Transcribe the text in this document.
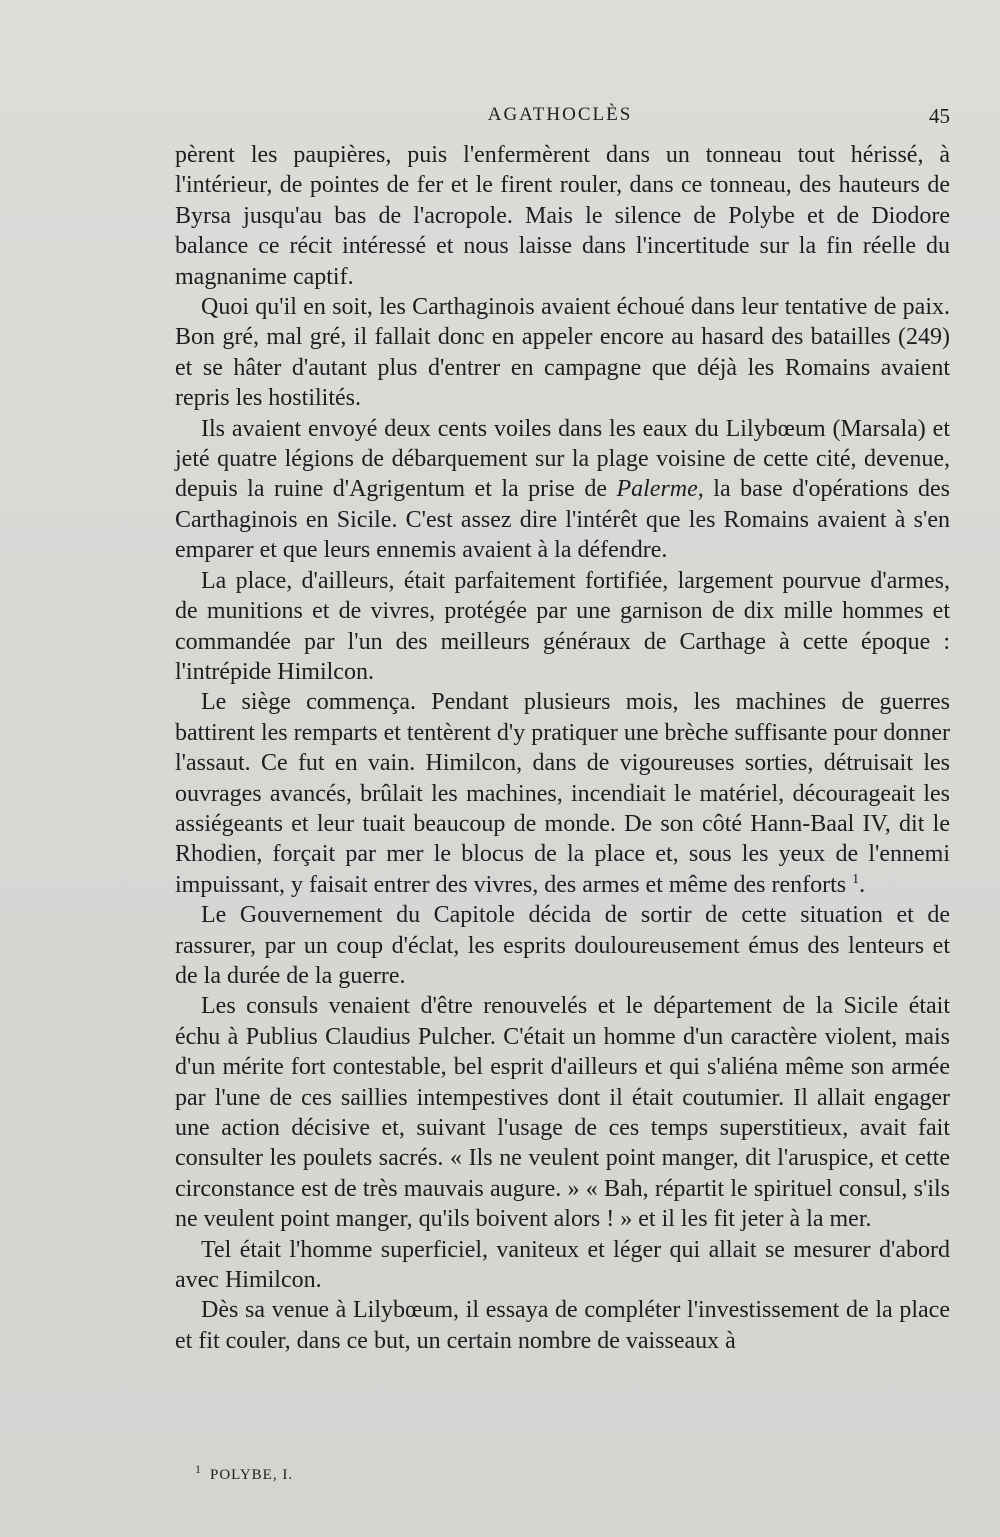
AGATHOCLÈS	45

pèrent les paupières, puis l'enfermèrent dans un tonneau tout hérissé, à l'intérieur, de pointes de fer et le firent rouler, dans ce tonneau, des hauteurs de Byrsa jusqu'au bas de l'acropole. Mais le silence de Polybe et de Diodore balance ce récit intéressé et nous laisse dans l'incertitude sur la fin réelle du magnanime captif.

Quoi qu'il en soit, les Carthaginois avaient échoué dans leur tentative de paix. Bon gré, mal gré, il fallait donc en appeler encore au hasard des batailles (249) et se hâter d'autant plus d'entrer en campagne que déjà les Romains avaient repris les hostilités.

Ils avaient envoyé deux cents voiles dans les eaux du Lilybœum (Marsala) et jeté quatre légions de débarquement sur la plage voisine de cette cité, devenue, depuis la ruine d'Agrigentum et la prise de Palerme, la base d'opérations des Carthaginois en Sicile. C'est assez dire l'intérêt que les Romains avaient à s'en emparer et que leurs ennemis avaient à la défendre.

La place, d'ailleurs, était parfaitement fortifiée, largement pourvue d'armes, de munitions et de vivres, protégée par une garnison de dix mille hommes et commandée par l'un des meilleurs généraux de Carthage à cette époque : l'intrépide Himilcon.

Le siège commença. Pendant plusieurs mois, les machines de guerres battirent les remparts et tentèrent d'y pratiquer une brèche suffisante pour donner l'assaut. Ce fut en vain. Himilcon, dans de vigoureuses sorties, détruisait les ouvrages avancés, brûlait les machines, incendiait le matériel, décourageait les assiégeants et leur tuait beaucoup de monde. De son côté Hann-Baal IV, dit le Rhodien, forçait par mer le blocus de la place et, sous les yeux de l'ennemi impuissant, y faisait entrer des vivres, des armes et même des renforts $^1$.

Le Gouvernement du Capitole décida de sortir de cette situation et de rassurer, par un coup d'éclat, les esprits douloureusement émus des lenteurs et de la durée de la guerre.

Les consuls venaient d'être renouvelés et le département de la Sicile était échu à Publius Claudius Pulcher. C'était un homme d'un caractère violent, mais d'un mérite fort contestable, bel esprit d'ailleurs et qui s'aliéna même son armée par l'une de ces saillies intempestives dont il était coutumier. Il allait engager une action décisive et, suivant l'usage de ces temps superstitieux, avait fait consulter les poulets sacrés. « Ils ne veulent point manger, dit l'aruspice, et cette circonstance est de très mauvais augure. » « Bah, répartit le spirituel consul, s'ils ne veulent point manger, qu'ils boivent alors ! » et il les fit jeter à la mer.

Tel était l'homme superficiel, vaniteux et léger qui allait se mesurer d'abord avec Himilcon.

Dès sa venue à Lilybœum, il essaya de compléter l'investissement de la place et fit couler, dans ce but, un certain nombre de vaisseaux à

$^1$ POLYBE, I.
